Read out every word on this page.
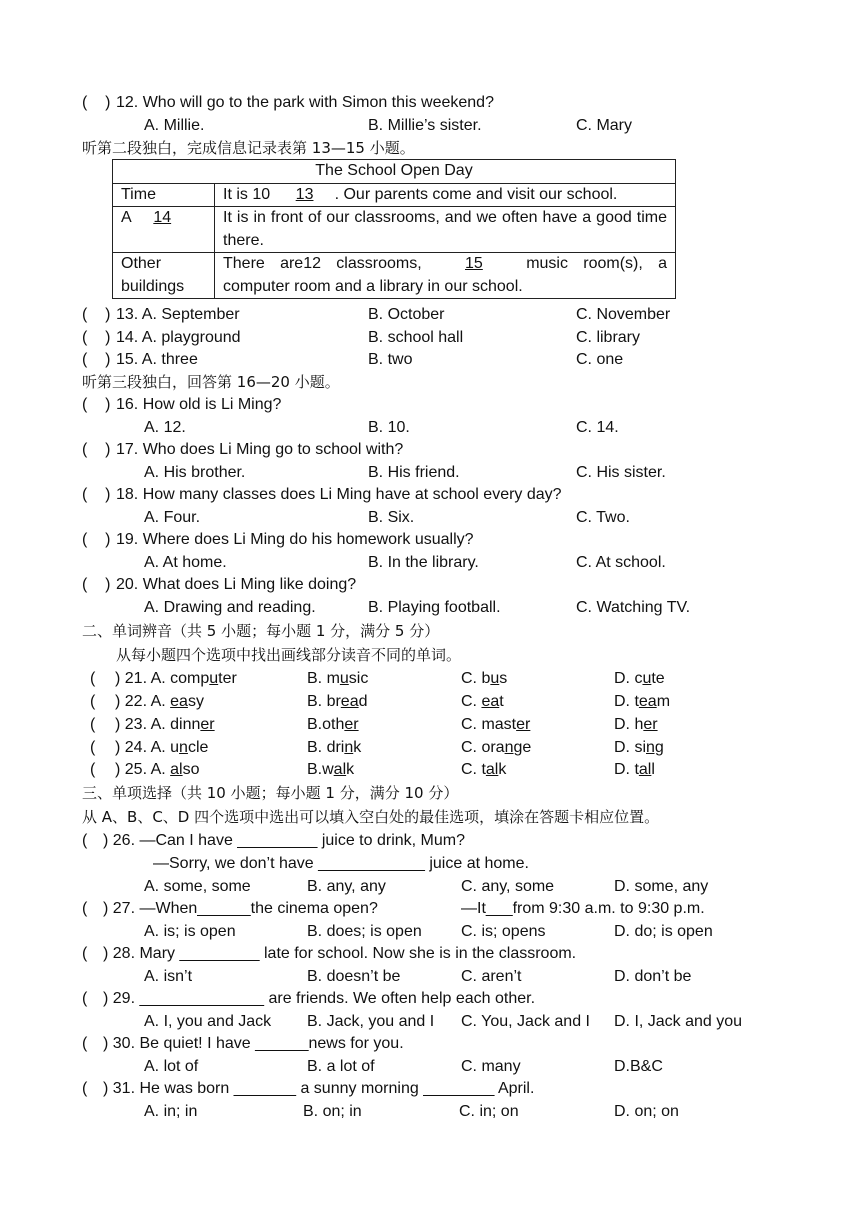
(    ) 12. Who will go to the park with Simon this weekend?
A. Millie.	B. Millie’s sister.	C. Mary
听第二段独白，完成信息记录表第 13—15 小题。
The School Open Day	
Time	It is 10 13 . Our parents come and visit our school.
A 14	It is in front of our classrooms, and we often have a good time there.
Other buildings	There are12 classrooms, 15 music room(s), a computer room and a library in our school.
(    ) 13. A. September	B. October	C. November
(    ) 14. A. playground	B. school hall	C. library
(    ) 15. A. three	B. two	C. one
听第三段独白，回答第 16—20 小题。
(    ) 16. How old is Li Ming?
A. 12.	B. 10.	C. 14.
(    ) 17. Who does Li Ming go to school with?
A. His brother.	B. His friend.	C. His sister.
(    ) 18. How many classes does Li Ming have at school every day?
A. Four.	B. Six.	C. Two.
(    ) 19. Where does Li Ming do his homework usually?
A. At home.	B. In the library.	C. At school.
(    ) 20. What does Li Ming like doing?
A. Drawing and reading.	B. Playing football.	C. Watching TV.
二、单词辨音（共 5 小题；每小题 1 分，满分 5 分）
从每小题四个选项中找出画线部分读音不同的单词。
( ) 21. A. computer	B. music	C. bus	D. cute
( ) 22. A. easy	B. bread	C. eat	D. team
( ) 23. A. dinner	B.other	C. master	D. her
( ) 24. A. uncle	B. drink	C. orange	D. sing
( ) 25. A. also	B.walk	C. talk	D. tall
三、单项选择（共 10 小题；每小题 1 分，满分 10 分）
从 A、B、C、D 四个选项中选出可以填入空白处的最佳选项，填涂在答题卡相应位置。
(
) 26. —Can I have _________ juice to drink, Mum?
—Sorry, we don’t have ____________ juice at home.
A. some, some	B. any, any	C. any, some	D. some, any
(
) 27. —When______the cinema open?	—It___from 9:30 a.m. to 9:30 p.m.
A. is; is open	B. does; is open C. is; opens	D. do; is open
(
) 28. Mary _________ late for school. Now she is in the classroom.
A. isn’t	B. doesn’t be	C. aren’t	D. don’t be
(
) 29. ______________ are friends. We often help each other.
A. I, you and Jack B. Jack, you and I C. You, Jack and I D. I, Jack and you
(
) 30. Be quiet! I have ______news for you.
A. lot of	B. a lot of	C. many	D.B&C
(
) 31. He was born _______ a sunny morning ________ April.
A. in; in	B. on; in	C. in; on	D. on; on
